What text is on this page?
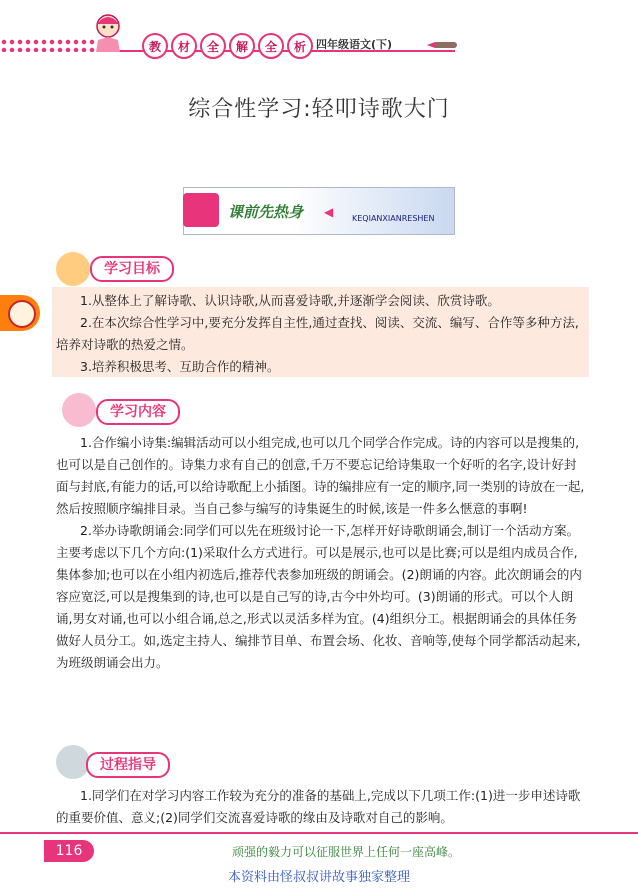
教	材	全	解	全	析 四年级语文(下)
综合性学习:轻叩诗歌大门
课前先热身 ◀ KEQIANXIANRESHEN
学习目标

1.从整体上了解诗歌、认识诗歌,从而喜爱诗歌,并逐渐学会阅读、欣赏诗歌。

2.在本次综合性学习中,要充分发挥自主性,通过查找、阅读、交流、编写、合作等多种方法,培养对诗歌的热爱之情。

3.培养积极思考、互助合作的精神。

学习内容

1.合作编小诗集:编辑活动可以小组完成,也可以几个同学合作完成。诗的内容可以是搜集的,也可以是自己创作的。诗集力求有自己的创意,千万不要忘记给诗集取一个好听的名字,设计好封面与封底,有能力的话,可以给诗歌配上小插图。诗的编排应有一定的顺序,同一类别的诗放在一起,然后按照顺序编排目录。当自己参与编写的诗集诞生的时候,该是一件多么惬意的事啊!

2.举办诗歌朗诵会:同学们可以先在班级讨论一下,怎样开好诗歌朗诵会,制订一个活动方案。主要考虑以下几个方向:(1)采取什么方式进行。可以是展示,也可以是比赛;可以是组内成员合作,集体参加;也可以在小组内初选后,推荐代表参加班级的朗诵会。(2)朗诵的内容。此次朗诵会的内容应宽泛,可以是搜集到的诗,也可以是自己写的诗,古今中外均可。(3)朗诵的形式。可以个人朗诵,男女对诵,也可以小组合诵,总之,形式以灵活多样为宜。(4)组织分工。根据朗诵会的具体任务做好人员分工。如,选定主持人、编排节目单、布置会场、化妆、音响等,使每个同学都活动起来,为班级朗诵会出力。

过程指导

1.同学们在对学习内容工作较为充分的准备的基础上,完成以下几项工作:(1)进一步申述诗歌的重要价值、意义;(2)同学们交流喜爱诗歌的缘由及诗歌对自己的影响。

116	顽强的毅力可以征服世界上任何一座高峰。
本资料由怪叔叔讲故事独家整理
